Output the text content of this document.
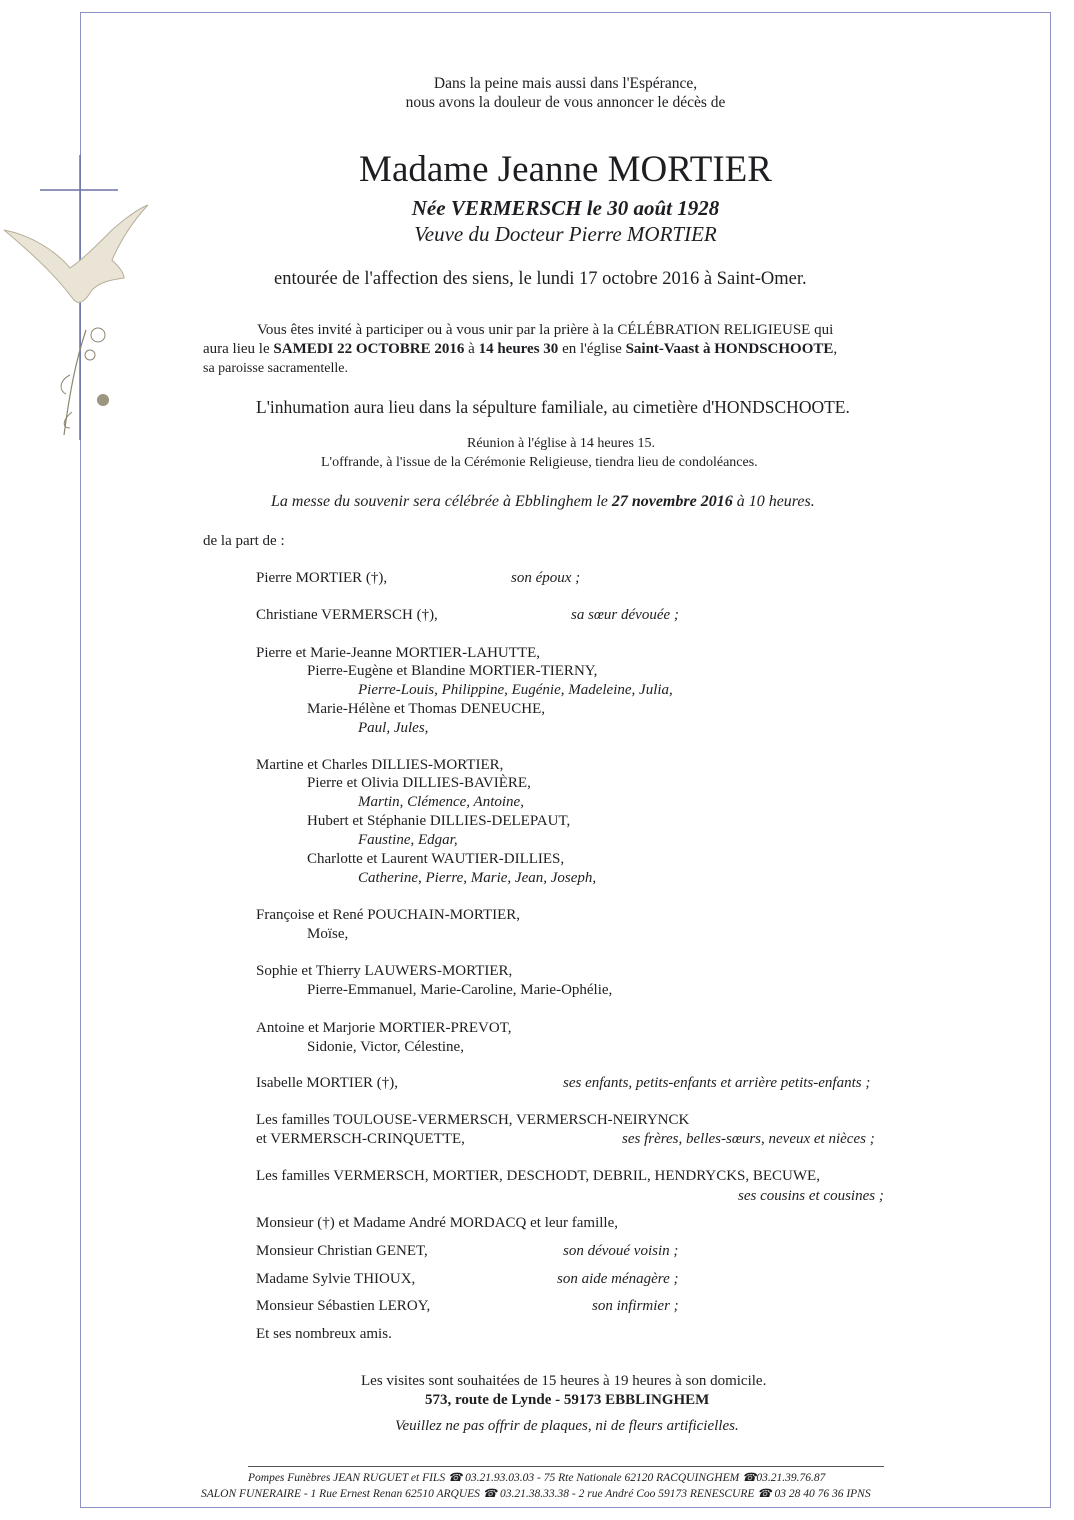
Dans la peine mais aussi dans l'Espérance,
nous avons la douleur de vous annoncer le décès de
Madame Jeanne MORTIER
Née VERMERSCH le 30 août 1928
Veuve du Docteur Pierre MORTIER
entourée de l'affection des siens, le lundi 17 octobre 2016 à Saint-Omer.
Vous êtes invité à participer ou à vous unir par la prière à la CÉLÉBRATION RELIGIEUSE qui
aura lieu le SAMEDI 22 OCTOBRE 2016 à 14 heures 30 en l'église Saint-Vaast à HONDSCHOOTE,
sa paroisse sacramentelle.
L'inhumation aura lieu dans la sépulture familiale, au cimetière d'HONDSCHOOTE.
Réunion à l'église à 14 heures 15.
L'offrande, à l'issue de la Cérémonie Religieuse, tiendra lieu de condoléances.
La messe du souvenir sera célébrée à Ebblinghem le 27 novembre 2016 à 10 heures.
de la part de :
Pierre MORTIER (†),	son époux ;
Christiane VERMERSCH (†),	sa sœur dévouée ;
Pierre et Marie-Jeanne MORTIER-LAHUTTE,
Pierre-Eugène et Blandine MORTIER-TIERNY,
Pierre-Louis, Philippine, Eugénie, Madeleine, Julia,
Marie-Hélène et Thomas DENEUCHE,
Paul, Jules,
Martine et Charles DILLIES-MORTIER,
Pierre et Olivia DILLIES-BAVIÈRE,
Martin, Clémence, Antoine,
Hubert et Stéphanie DILLIES-DELEPAUT,
Faustine, Edgar,
Charlotte et Laurent WAUTIER-DILLIES,
Catherine, Pierre, Marie, Jean, Joseph,
Françoise et René POUCHAIN-MORTIER,
Moïse,
Sophie et Thierry LAUWERS-MORTIER,
Pierre-Emmanuel, Marie-Caroline, Marie-Ophélie,
Antoine et Marjorie MORTIER-PREVOT,
Sidonie, Victor, Célestine,
Isabelle MORTIER (†),	ses enfants, petits-enfants et arrière petits-enfants ;
Les familles TOULOUSE-VERMERSCH, VERMERSCH-NEIRYNCK
et VERMERSCH-CRINQUETTE,	ses frères, belles-sœurs, neveux et nièces ;
Les familles VERMERSCH, MORTIER, DESCHODT, DEBRIL, HENDRYCKS, BECUWE,
ses cousins et cousines ;
Monsieur (†) et Madame André MORDACQ et leur famille,
Monsieur Christian GENET,	son dévoué voisin ;
Madame Sylvie THIOUX,	son aide ménagère ;
Monsieur Sébastien LEROY,	son infirmier ;
Et ses nombreux amis.
Les visites sont souhaitées de 15 heures à 19 heures à son domicile.
573, route de Lynde - 59173 EBBLINGHEM
Veuillez ne pas offrir de plaques, ni de fleurs artificielles.
Pompes Funèbres JEAN RUGUET et FILS ☎ 03.21.93.03.03 - 75 Rte Nationale 62120 RACQUINGHEM ☎03.21.39.76.87
SALON FUNERAIRE - 1 Rue Ernest Renan 62510 ARQUES ☎ 03.21.38.33.38 - 2 rue André Coo 59173 RENESCURE ☎ 03 28 40 76 36 IPNS
